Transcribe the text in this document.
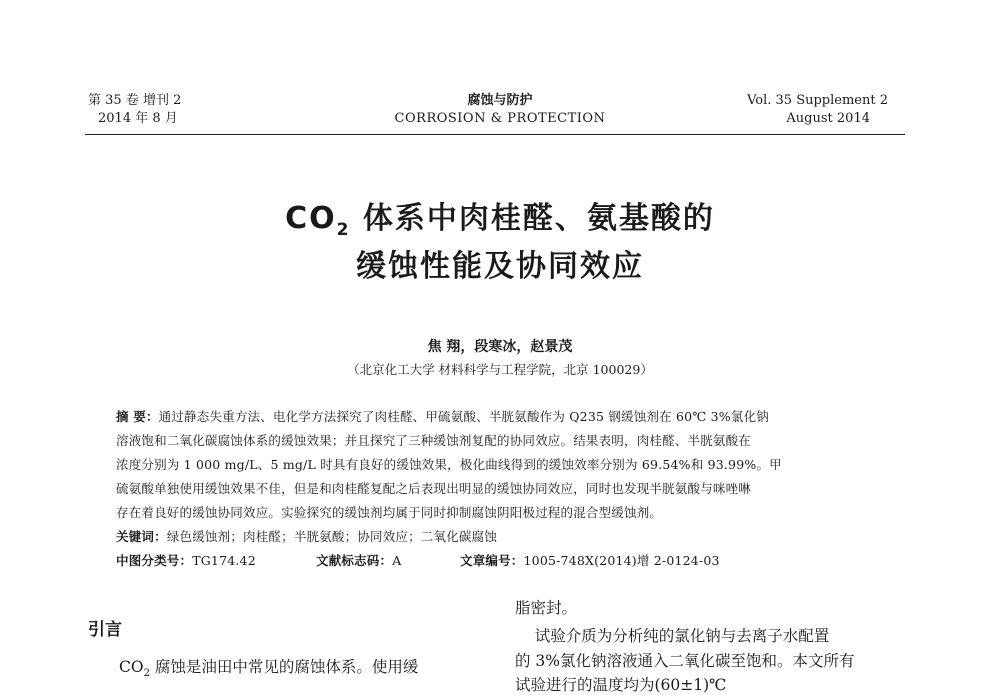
第 35 卷 增刊 2
2014 年 8 月
腐蚀与防护
CORROSION & PROTECTION
Vol. 35 Supplement 2
August 2014
$CO_2$ 体系中肉桂醛、氨基酸的
缓蚀性能及协同效应
焦 翔，段寒冰，赵景茂
（北京化工大学 材料科学与工程学院，北京 100029）
摘 要：通过静态失重方法、电化学方法探究了肉桂醛、甲硫氨酸、半胱氨酸作为 Q235 钢缓蚀剂在 60℃ 3%氯化钠
溶液饱和二氧化碳腐蚀体系的缓蚀效果；并且探究了三种缓蚀剂复配的协同效应。结果表明，肉桂醛、半胱氨酸在
浓度分别为 1 000 mg/L、5 mg/L 时具有良好的缓蚀效果，极化曲线得到的缓蚀效率分别为 69.54%和 93.99%。甲
硫氨酸单独使用缓蚀效果不佳，但是和肉桂醛复配之后表现出明显的缓蚀协同效应，同时也发现半胱氨酸与咪唑啉
存在着良好的缓蚀协同效应。实验探究的缓蚀剂均属于同时抑制腐蚀阴阳极过程的混合型缓蚀剂。
关键词：绿色缓蚀剂；肉桂醛；半胱氨酸；协同效应；二氧化碳腐蚀
中图分类号：TG174.42	文献标志码：A	文章编号：1005-748X(2014)增 2-0124-03
引言
$CO_2$ 腐蚀是油田中常见的腐蚀体系。使用缓
脂密封。
试验介质为分析纯的氯化钠与去离子水配置
的 3%氯化钠溶液通入二氧化碳至饱和。本文所有
试验进行的温度均为(60±1)℃
